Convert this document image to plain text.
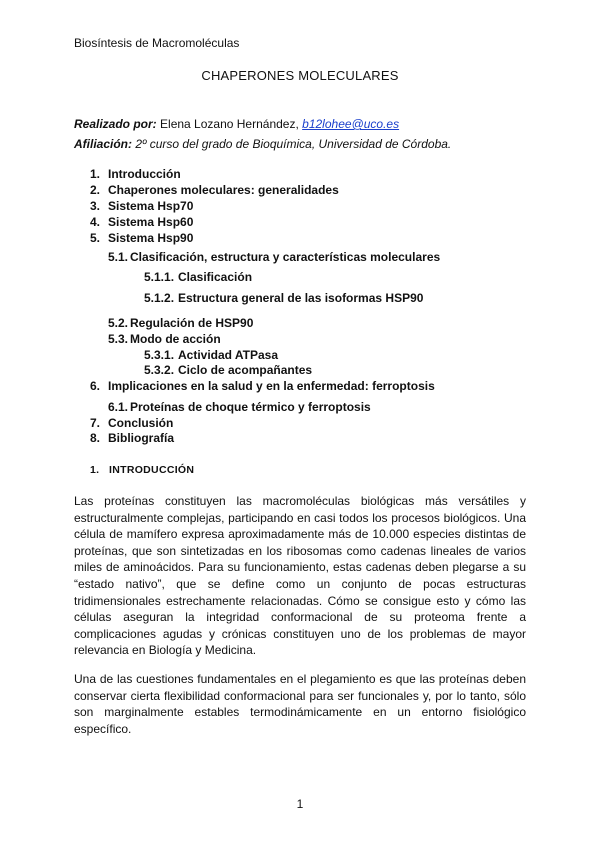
Biosíntesis de Macromoléculas
CHAPERONES MOLECULARES
Realizado por: Elena Lozano Hernández, b12lohee@uco.es
Afiliación: 2º curso del grado de Bioquímica, Universidad de Córdoba.
1. Introducción
2. Chaperones moleculares: generalidades
3. Sistema Hsp70
4. Sistema Hsp60
5. Sistema Hsp90
5.1. Clasificación, estructura y características moleculares
5.1.1. Clasificación
5.1.2. Estructura general de las isoformas HSP90
5.2. Regulación de HSP90
5.3. Modo de acción
5.3.1. Actividad ATPasa
5.3.2. Ciclo de acompañantes
6. Implicaciones en la salud y en la enfermedad: ferroptosis
6.1. Proteínas de choque térmico y ferroptosis
7. Conclusión
8. Bibliografía
1.   INTRODUCCIÓN

Las proteínas constituyen las macromoléculas biológicas más versátiles y estructuralmente complejas, participando en casi todos los procesos biológicos. Una célula de mamífero expresa aproximadamente más de 10.000 especies distintas de proteínas, que son sintetizadas en los ribosomas como cadenas lineales de varios miles de aminoácidos. Para su funcionamiento, estas cadenas deben plegarse a su “estado nativo”, que se define como un conjunto de pocas estructuras tridimensionales estrechamente relacionadas. Cómo se consigue esto y cómo las células aseguran la integridad conformacional de su proteoma frente a complicaciones agudas y crónicas constituyen uno de los problemas de mayor relevancia en Biología y Medicina.

Una de las cuestiones fundamentales en el plegamiento es que las proteínas deben conservar cierta flexibilidad conformacional para ser funcionales y, por lo tanto, sólo son marginalmente estables termodinámicamente en un entorno fisiológico específico.

1
